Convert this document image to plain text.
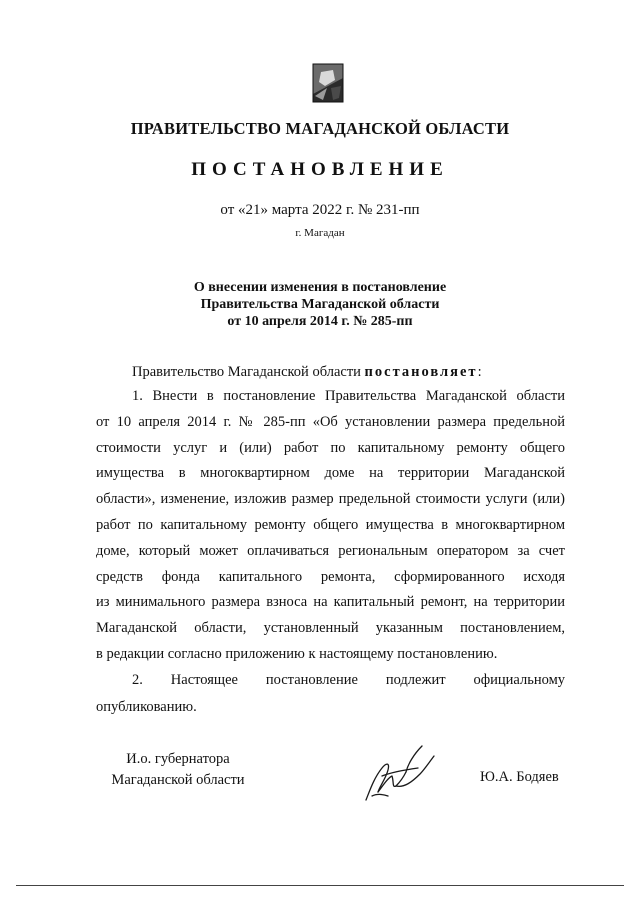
ПРАВИТЕЛЬСТВО МАГАДАНСКОЙ ОБЛАСТИ
ПОСТАНОВЛЕНИЕ
от «21» марта 2022 г. № 231-пп
г. Магадан
О внесении изменения в постановление
Правительства Магаданской области
от 10 апреля 2014 г. № 285-пп
Правительство Магаданской области постановляет:
1. Внести в постановление Правительства Магаданской области
от 10 апреля 2014 г. № 285-пп «Об установлении размера предельной
стоимости услуг и (или) работ по капитальному ремонту общего
имущества в многоквартирном доме на территории Магаданской
области», изменение, изложив размер предельной стоимости услуги (или)
работ по капитальному ремонту общего имущества в многоквартирном
доме, который может оплачиваться региональным оператором за счет
средств фонда капитального ремонта, сформированного исходя
из минимального размера взноса на капитальный ремонт, на территории
Магаданской области, установленный указанным постановлением,
в редакции согласно приложению к настоящему постановлению.
2. Настоящее постановление подлежит официальному
опубликованию.
И.о. губернатора
Магаданской области	Ю.А. Бодяев
